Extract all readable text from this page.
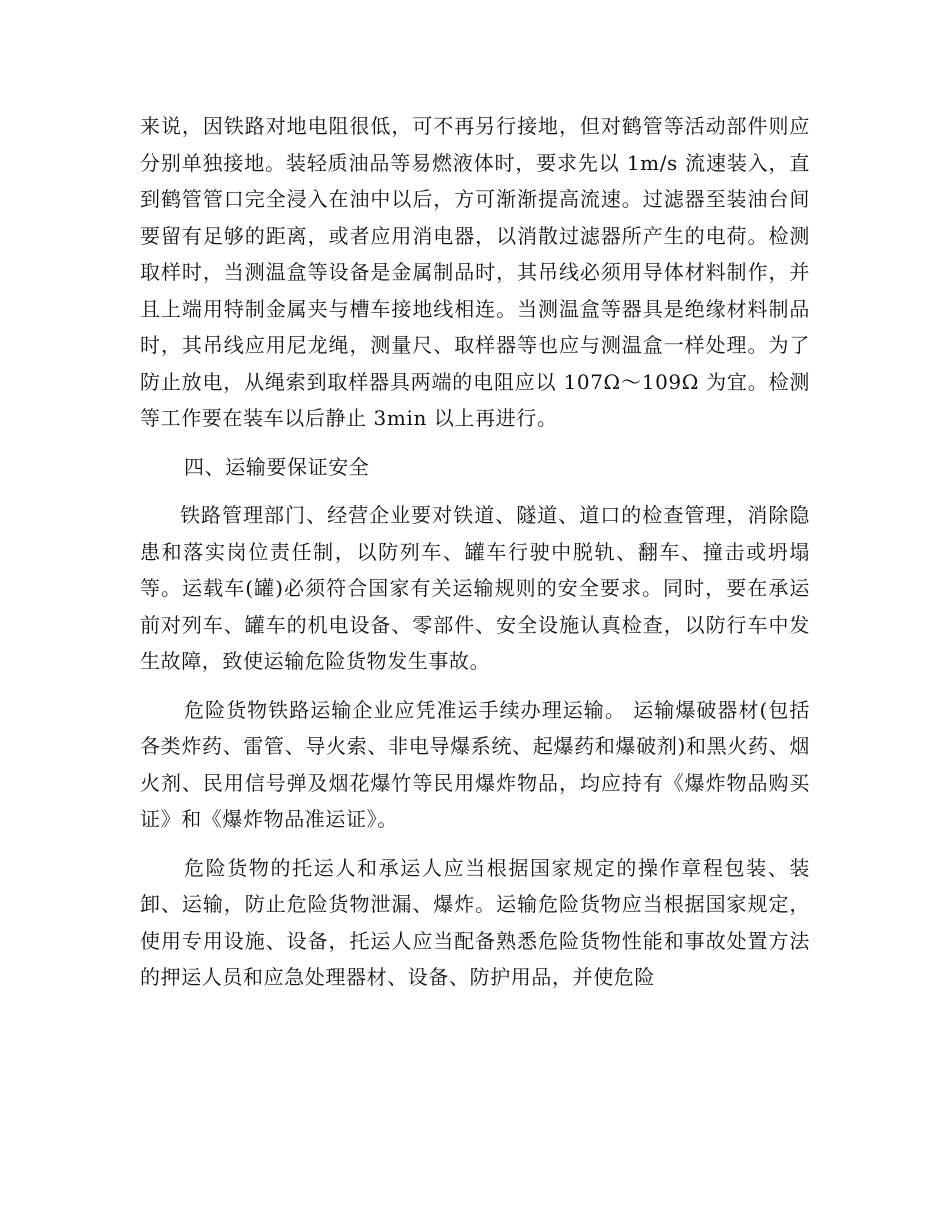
来说，因铁路对地电阻很低，可不再另行接地，但对鹤管等活动部件则应分别单独接地。装轻质油品等易燃液体时，要求先以 1m/s 流速装入，直到鹤管管口完全浸入在油中以后，方可渐渐提高流速。过滤器至装油台间要留有足够的距离，或者应用消电器，以消散过滤器所产生的电荷。检测取样时，当测温盒等设备是金属制品时，其吊线必须用导体材料制作，并且上端用特制金属夹与槽车接地线相连。当测温盒等器具是绝缘材料制品时，其吊线应用尼龙绳，测量尺、取样器等也应与测温盒一样处理。为了防止放电，从绳索到取样器具两端的电阻应以 107Ω～109Ω 为宜。检测等工作要在装车以后静止 3min 以上再进行。

四、运输要保证安全

铁路管理部门、经营企业要对铁道、隧道、道口的检查管理，消除隐患和落实岗位责任制，以防列车、罐车行驶中脱轨、翻车、撞击或坍塌等。运载车(罐)必须符合国家有关运输规则的安全要求。同时，要在承运前对列车、罐车的机电设备、零部件、安全设施认真检查，以防行车中发生故障，致使运输危险货物发生事故。

危险货物铁路运输企业应凭准运手续办理运输。 运输爆破器材(包括各类炸药、雷管、导火索、非电导爆系统、起爆药和爆破剂)和黑火药、烟火剂、民用信号弹及烟花爆竹等民用爆炸物品，均应持有《爆炸物品购买证》和《爆炸物品准运证》。

危险货物的托运人和承运人应当根据国家规定的操作章程包装、装卸、运输，防止危险货物泄漏、爆炸。运输危险货物应当根据国家规定，使用专用设施、设备，托运人应当配备熟悉危险货物性能和事故处置方法的押运人员和应急处理器材、设备、防护用品，并使危险
